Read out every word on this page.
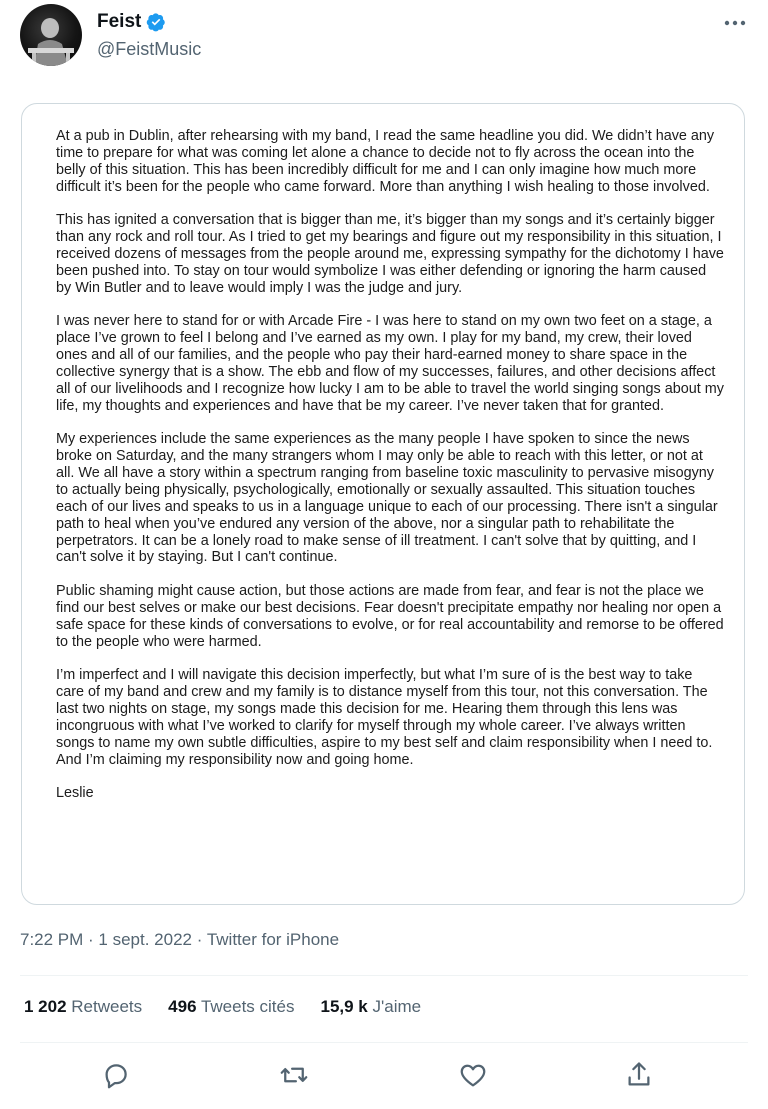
Feist
@FeistMusic

At a pub in Dublin, after rehearsing with my band, I read the same headline you did. We didn’t have any time to prepare for what was coming let alone a chance to decide not to fly across the ocean into the belly of this situation. This has been incredibly difficult for me and I can only imagine how much more difficult it’s been for the people who came forward. More than anything I wish healing to those involved.

This has ignited a conversation that is bigger than me, it’s bigger than my songs and it’s certainly bigger than any rock and roll tour. As I tried to get my bearings and figure out my responsibility in this situation, I received dozens of messages from the people around me, expressing sympathy for the dichotomy I have been pushed into. To stay on tour would symbolize I was either defending or ignoring the harm caused by Win Butler and to leave would imply I was the judge and jury.

I was never here to stand for or with Arcade Fire - I was here to stand on my own two feet on a stage, a place I’ve grown to feel I belong and I’ve earned as my own. I play for my band, my crew, their loved ones and all of our families, and the people who pay their hard-earned money to share space in the collective synergy that is a show. The ebb and flow of my successes, failures, and other decisions affect all of our livelihoods and I recognize how lucky I am to be able to travel the world singing songs about my life, my thoughts and experiences and have that be my career. I’ve never taken that for granted.

My experiences include the same experiences as the many people I have spoken to since the news broke on Saturday, and the many strangers whom I may only be able to reach with this letter, or not at all. We all have a story within a spectrum ranging from baseline toxic masculinity to pervasive misogyny to actually being physically, psychologically, emotionally or sexually assaulted. This situation touches each of our lives and speaks to us in a language unique to each of our processing. There isn't a singular path to heal when you’ve endured any version of the above, nor a singular path to rehabilitate the perpetrators. It can be a lonely road to make sense of ill treatment. I can't solve that by quitting, and I can't solve it by staying. But I can't continue.

Public shaming might cause action, but those actions are made from fear, and fear is not the place we find our best selves or make our best decisions. Fear doesn't precipitate empathy nor healing nor open a safe space for these kinds of conversations to evolve, or for real accountability and remorse to be offered to the people who were harmed.

I’m imperfect and I will navigate this decision imperfectly, but what I’m sure of is the best way to take care of my band and crew and my family is to distance myself from this tour, not this conversation. The last two nights on stage, my songs made this decision for me. Hearing them through this lens was incongruous with what I’ve worked to clarify for myself through my whole career. I’ve always written songs to name my own subtle difficulties, aspire to my best self and claim responsibility when I need to. And I’m claiming my responsibility now and going home.

Leslie

7:22 PM · 1 sept. 2022 · Twitter for iPhone
1 202 Retweets 496 Tweets cités 15,9 k J'aime
